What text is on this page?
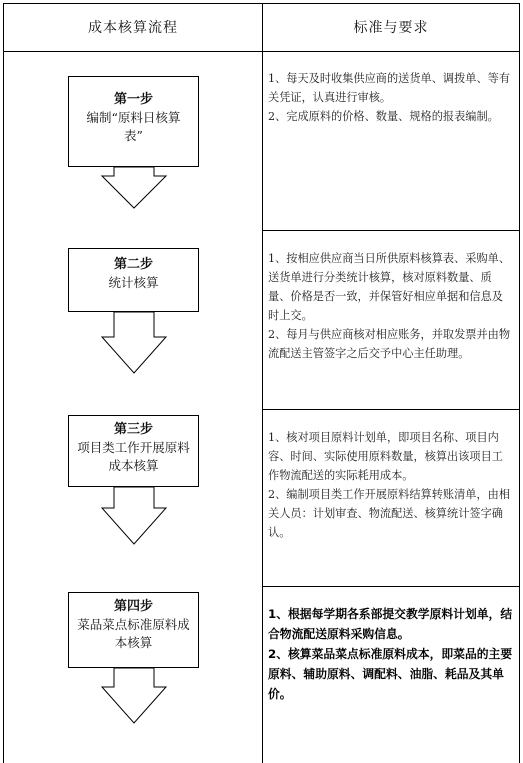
成本核算流程	标准与要求
第一步
编制“原料日核算表”

1、每天及时收集供应商的送货单、调拨单、等有关凭证，认真进行审核。

2、完成原料的价格、数量、规格的报表编制。

第二步
统计核算

1、按相应供应商当日所供原料核算表、采购单、送货单进行分类统计核算，核对原料数量、质量、价格是否一致，并保管好相应单据和信息及时上交。

2、每月与供应商核对相应账务，并取发票并由物流配送主管签字之后交予中心主任助理。

第三步
项目类工作开展原料成本核算

1、核对项目原料计划单，即项目名称、项目内容、时间、实际使用原料数量，核算出该项目工作物流配送的实际耗用成本。

2、编制项目类工作开展原料结算转账清单，由相关人员：计划审查、物流配送、核算统计签字确认。

第四步
菜品菜点标准原料成本核算

1、根据每学期各系部提交教学原料计划单，结合物流配送原料采购信息。

2、核算菜品菜点标准原料成本，即菜品的主要原料、辅助原料、调配料、油脂、耗品及其单价。
